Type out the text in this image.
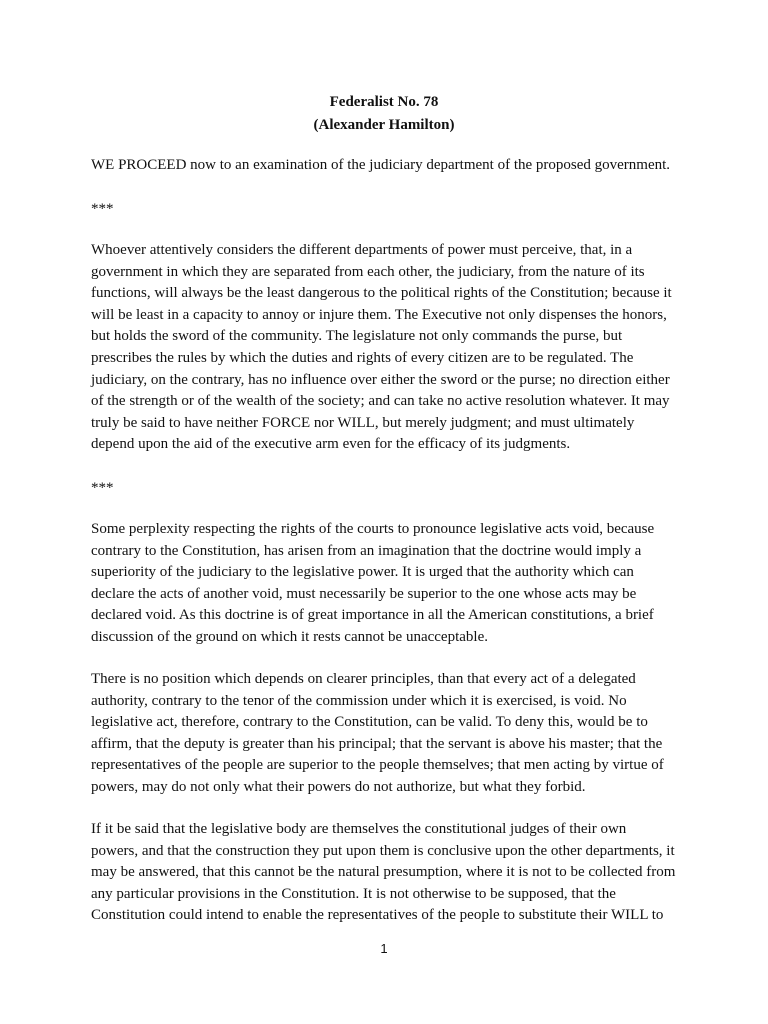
Federalist No. 78
(Alexander Hamilton)

WE PROCEED now to an examination of the judiciary department of the proposed government.

***

Whoever attentively considers the different departments of power must perceive, that, in a
government in which they are separated from each other, the judiciary, from the nature of its
functions, will always be the least dangerous to the political rights of the Constitution; because it
will be least in a capacity to annoy or injure them. The Executive not only dispenses the honors,
but holds the sword of the community. The legislature not only commands the purse, but
prescribes the rules by which the duties and rights of every citizen are to be regulated. The
judiciary, on the contrary, has no influence over either the sword or the purse; no direction either
of the strength or of the wealth of the society; and can take no active resolution whatever. It may
truly be said to have neither FORCE nor WILL, but merely judgment; and must ultimately
depend upon the aid of the executive arm even for the efficacy of its judgments.

***

Some perplexity respecting the rights of the courts to pronounce legislative acts void, because
contrary to the Constitution, has arisen from an imagination that the doctrine would imply a
superiority of the judiciary to the legislative power. It is urged that the authority which can
declare the acts of another void, must necessarily be superior to the one whose acts may be
declared void. As this doctrine is of great importance in all the American constitutions, a brief
discussion of the ground on which it rests cannot be unacceptable.

There is no position which depends on clearer principles, than that every act of a delegated
authority, contrary to the tenor of the commission under which it is exercised, is void. No
legislative act, therefore, contrary to the Constitution, can be valid. To deny this, would be to
affirm, that the deputy is greater than his principal; that the servant is above his master; that the
representatives of the people are superior to the people themselves; that men acting by virtue of
powers, may do not only what their powers do not authorize, but what they forbid.

If it be said that the legislative body are themselves the constitutional judges of their own
powers, and that the construction they put upon them is conclusive upon the other departments, it
may be answered, that this cannot be the natural presumption, where it is not to be collected from
any particular provisions in the Constitution. It is not otherwise to be supposed, that the
Constitution could intend to enable the representatives of the people to substitute their WILL to

1
